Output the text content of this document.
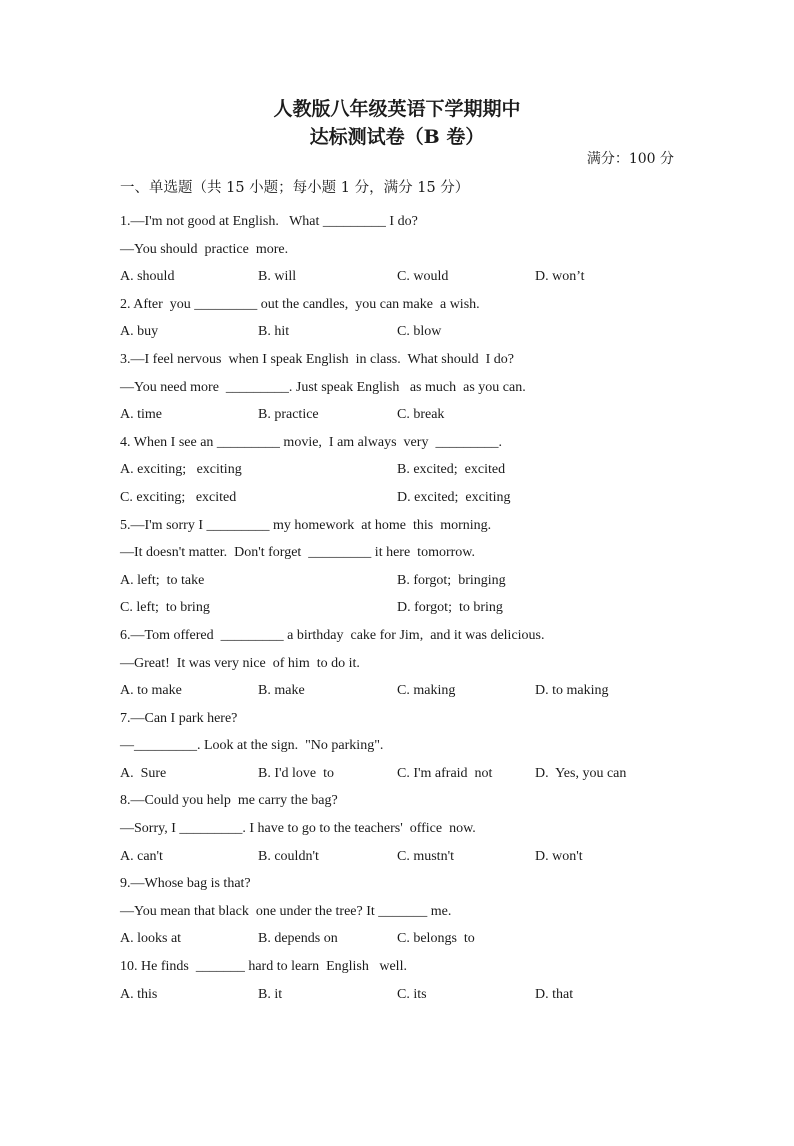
人教版八年级英语下学期期中
达标测试卷（B 卷）
满分：100 分
一、单选题（共 15 小题；每小题 1 分，满分 15 分）
1.—I'm not good at English.   What _________ I do?
—You should  practice  more.

A. should

	B. will

	C. would

	D. won’t

2. After  you _________ out the candles,  you can make  a wish.

A. buy

	B. hit

	C. blow

3.—I feel nervous  when I speak English  in class.  What should  I do?
—You need more  _________. Just speak English   as much  as you can.

A. time

	B. practice

	C. break

4. When I see an _________ movie,  I am always  very  _________.

A. exciting;   exciting

	B. excited;  excited

C. exciting;   excited

	D. excited;  exciting

5.—I'm sorry I _________ my homework  at home  this  morning.
—It doesn't matter.  Don't forget  _________ it here  tomorrow.

A. left;  to take

	B. forgot;  bringing

C. left;  to bring

	D. forgot;  to bring

6.—Tom offered  _________ a birthday  cake for Jim,  and it was delicious.
—Great!  It was very nice  of him  to do it.

A. to make

	B. make

	C. making

	D. to making

7.—Can I park here?
—_________. Look at the sign.  "No parking".

A.  Sure

	B. I'd love  to

	C. I'm afraid  not

	D.  Yes, you can

8.—Could you help  me carry the bag?
—Sorry, I _________. I have to go to the teachers'  office  now.

A. can't

	B. couldn't

	C. mustn't

	D. won't

9.—Whose bag is that?
—You mean that black  one under the tree? It _______ me.

A. looks at

	B. depends on

	C. belongs  to

10. He finds  _______ hard to learn  English   well.

A. this

	B. it

	C. its

	D. that
